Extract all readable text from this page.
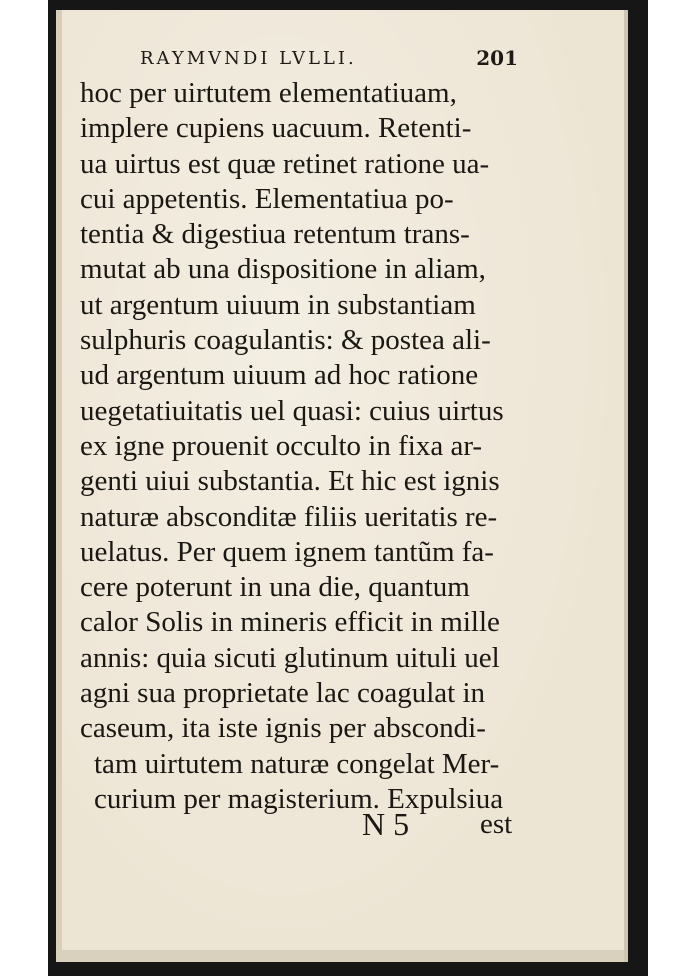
RAYMVNDI LVLLI.	201
hoc per uirtutem elementatiuam,
implere cupiens uacuum. Retenti-
ua uirtus est quæ retinet ratione ua-
cui appetentis. Elementatiua po-
tentia & digestiua retentum trans-
mutat ab una dispositione in aliam,
ut argentum uiuum in substantiam
sulphuris coagulantis: & postea ali-
ud argentum uiuum ad hoc ratione
uegetatiuitatis uel quasi: cuius uirtus
ex igne prouenit occulto in fixa ar-
genti uiui substantia. Et hic est ignis
naturæ absconditæ filiis ueritatis re-
uelatus. Per quem ignem tantũm fa-
cere poterunt in una die, quantum
calor Solis in mineris efficit in mille
annis: quia sicuti glutinum uituli uel
agni sua proprietate lac coagulat in
caseum, ita iste ignis per abscondi-
tam uirtutem naturæ congelat Mer-
curium per magisterium. Expulsiua
N 5 est
